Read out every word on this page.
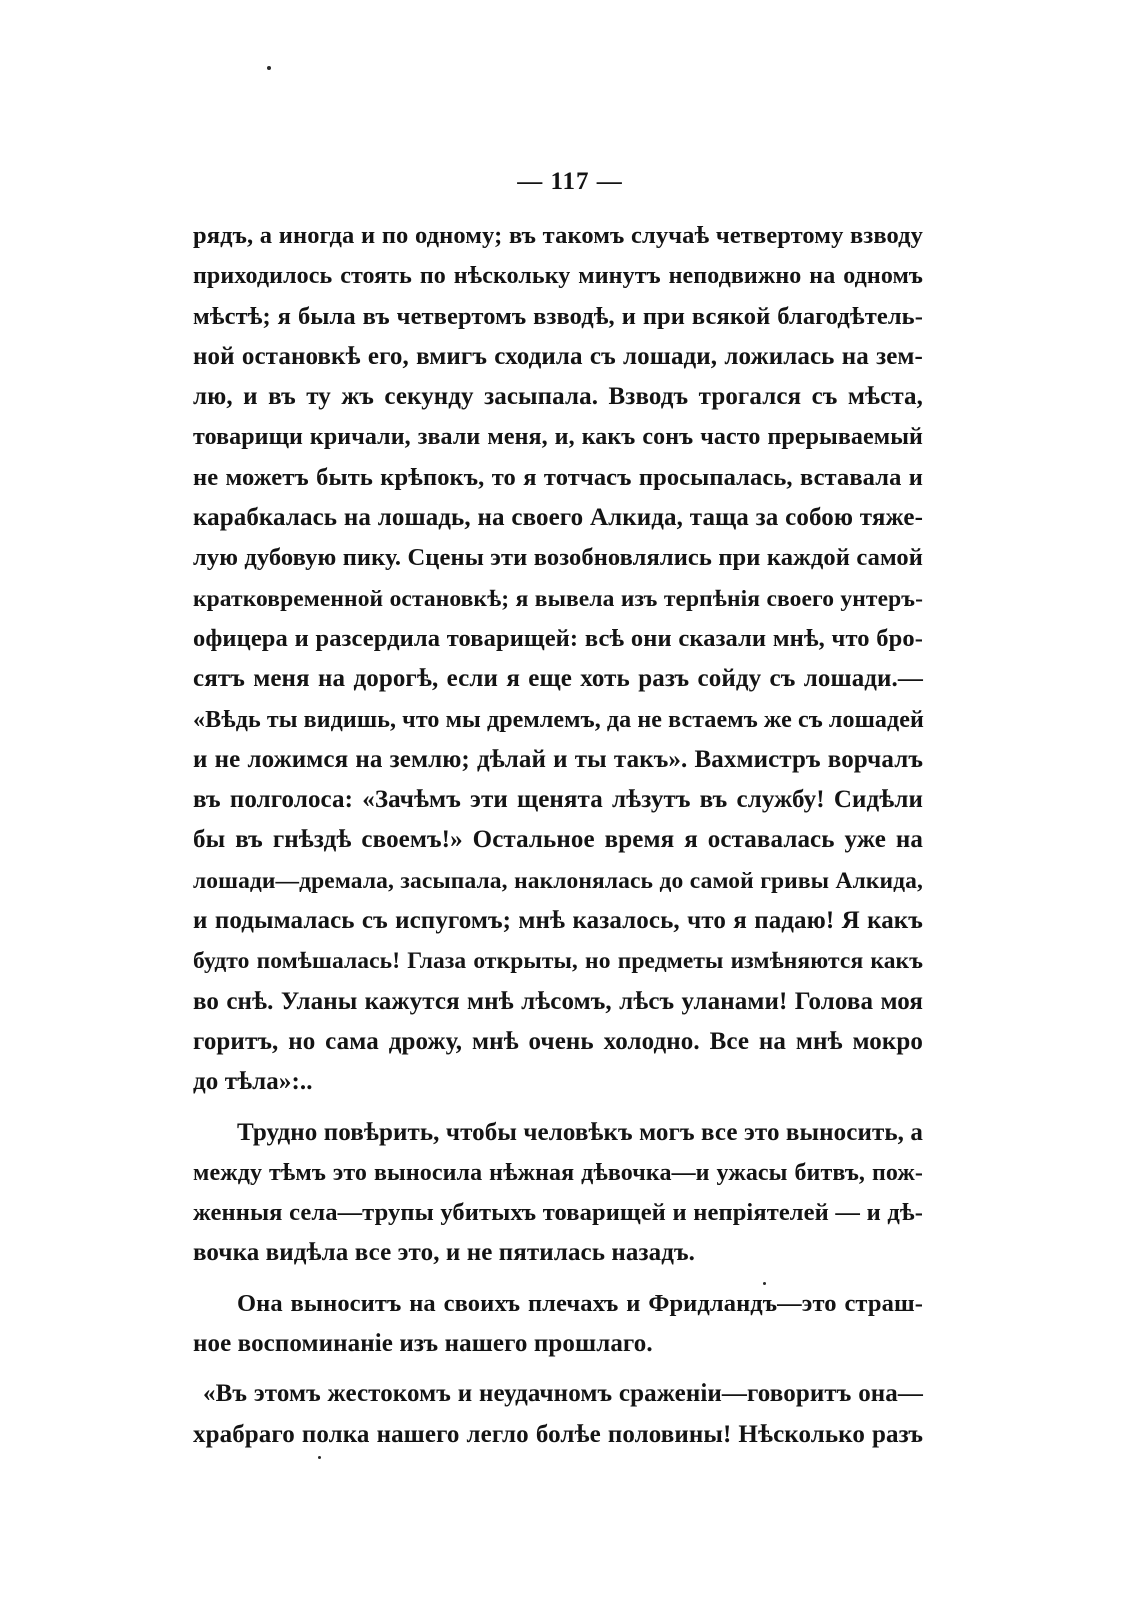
— 117 —
рядъ, а иногда и по одному; въ такомъ случаѣ четвертому взводу
приходилось стоять по нѣскольку минутъ неподвижно на одномъ
мѣстѣ; я была въ четвертомъ взводѣ, и при всякой благодѣтель-
ной остановкѣ его, вмигъ сходила съ лошади, ложилась на зем-
лю, и въ ту жъ секунду засыпала. Взводъ трогался съ мѣста,
товарищи кричали, звали меня, и, какъ сонъ часто прерываемый
не можетъ быть крѣпокъ, то я тотчасъ просыпалась, вставала и
карабкалась на лошадь, на своего Алкида, таща за собою тяже-
лую дубовую пику. Сцены эти возобновлялись при каждой самой
кратковременной остановкѣ; я вывела изъ терпѣнія своего унтеръ-
офицера и разсердила товарищей: всѣ они сказали мнѣ, что бро-
сятъ меня на дорогѣ, если я еще хоть разъ сойду съ лошади.—
«Вѣдь ты видишь, что мы дремлемъ, да не встаемъ же съ лошадей
и не ложимся на землю; дѣлай и ты такъ». Вахмистръ ворчалъ
въ полголоса: «Зачѣмъ эти щенята лѣзутъ въ службу! Сидѣли
бы въ гнѣздѣ своемъ!» Остальное время я оставалась уже на
лошади—дремала, засыпала, наклонялась до самой гривы Алкида,
и подымалась съ испугомъ; мнѣ казалось, что я падаю! Я какъ
будто помѣшалась! Глаза открыты, но предметы измѣняются какъ
во снѣ. Уланы кажутся мнѣ лѣсомъ, лѣсъ уланами! Голова моя
горитъ, но сама дрожу, мнѣ очень холодно. Все на мнѣ мокро
до тѣла»:..
Трудно повѣрить, чтобы человѣкъ могъ все это выносить, а
между тѣмъ это выносила нѣжная дѣвочка—и ужасы битвъ, пож-
женныя села—трупы убитыхъ товарищей и непріятелей — и дѣ-
вочка видѣла все это, и не пятилась назадъ.
Она выноситъ на своихъ плечахъ и Фридландъ—это страш-
ное воспоминаніе изъ нашего прошлаго.
«Въ этомъ жестокомъ и неудачномъ сраженіи—говоритъ она—
храбраго полка нашего легло болѣе половины! Нѣсколько разъ
